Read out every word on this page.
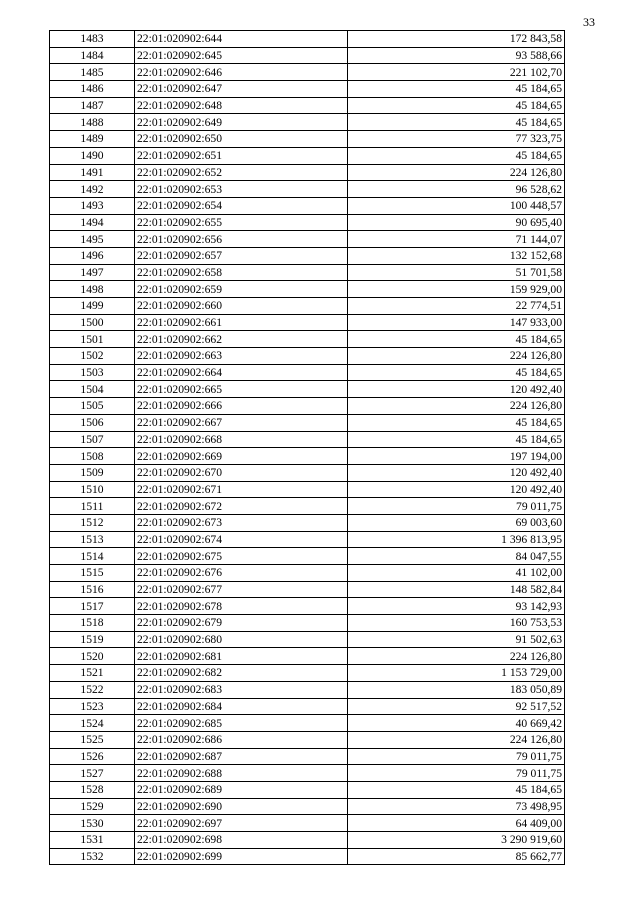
33
1483	22:01:020902:644	172 843,58
1484	22:01:020902:645	93 588,66
1485	22:01:020902:646	221 102,70
1486	22:01:020902:647	45 184,65
1487	22:01:020902:648	45 184,65
1488	22:01:020902:649	45 184,65
1489	22:01:020902:650	77 323,75
1490	22:01:020902:651	45 184,65
1491	22:01:020902:652	224 126,80
1492	22:01:020902:653	96 528,62
1493	22:01:020902:654	100 448,57
1494	22:01:020902:655	90 695,40
1495	22:01:020902:656	71 144,07
1496	22:01:020902:657	132 152,68
1497	22:01:020902:658	51 701,58
1498	22:01:020902:659	159 929,00
1499	22:01:020902:660	22 774,51
1500	22:01:020902:661	147 933,00
1501	22:01:020902:662	45 184,65
1502	22:01:020902:663	224 126,80
1503	22:01:020902:664	45 184,65
1504	22:01:020902:665	120 492,40
1505	22:01:020902:666	224 126,80
1506	22:01:020902:667	45 184,65
1507	22:01:020902:668	45 184,65
1508	22:01:020902:669	197 194,00
1509	22:01:020902:670	120 492,40
1510	22:01:020902:671	120 492,40
1511	22:01:020902:672	79 011,75
1512	22:01:020902:673	69 003,60
1513	22:01:020902:674	1 396 813,95
1514	22:01:020902:675	84 047,55
1515	22:01:020902:676	41 102,00
1516	22:01:020902:677	148 582,84
1517	22:01:020902:678	93 142,93
1518	22:01:020902:679	160 753,53
1519	22:01:020902:680	91 502,63
1520	22:01:020902:681	224 126,80
1521	22:01:020902:682	1 153 729,00
1522	22:01:020902:683	183 050,89
1523	22:01:020902:684	92 517,52
1524	22:01:020902:685	40 669,42
1525	22:01:020902:686	224 126,80
1526	22:01:020902:687	79 011,75
1527	22:01:020902:688	79 011,75
1528	22:01:020902:689	45 184,65
1529	22:01:020902:690	73 498,95
1530	22:01:020902:697	64 409,00
1531	22:01:020902:698	3 290 919,60
1532	22:01:020902:699	85 662,77
